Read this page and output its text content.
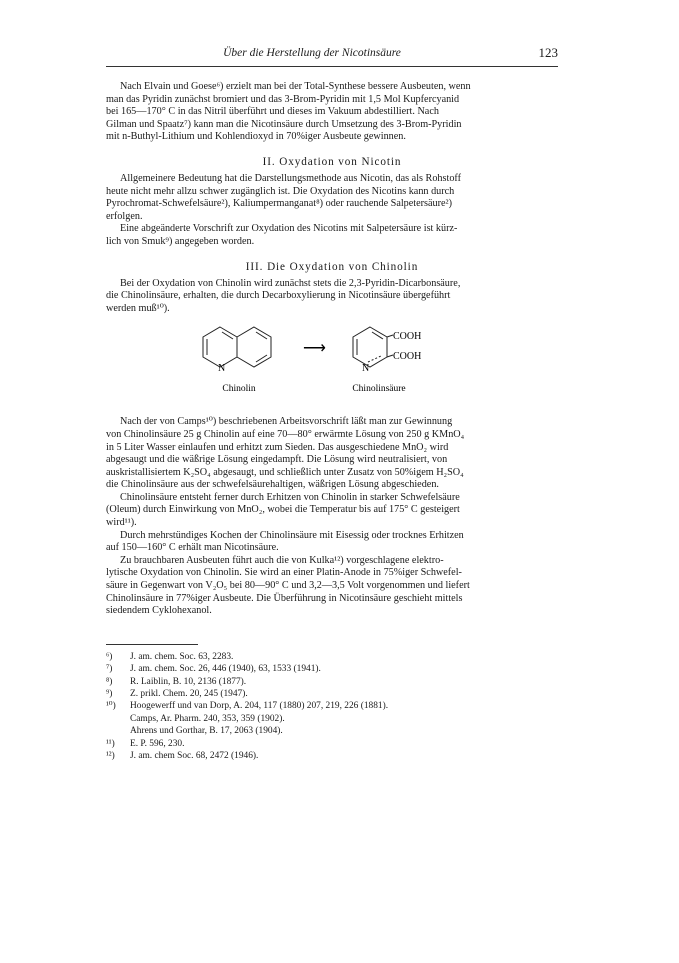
Über die Herstellung der Nicotinsäure	123

Nach Elvain und Goese⁶) erzielt man bei der Total-Synthese bessere Ausbeuten, wenn

man das Pyridin zunächst bromiert und das 3-Brom-Pyridin mit 1,5 Mol Kupfercyanid

bei 165—170° C in das Nitril überführt und dieses im Vakuum abdestilliert. Nach

Gilman und Spaatz⁷) kann man die Nicotinsäure durch Umsetzung des 3-Brom-Pyridin

mit n-Buthyl-Lithium und Kohlendioxyd in 70%iger Ausbeute gewinnen.

II. Oxydation von Nicotin

Allgemeinere Bedeutung hat die Darstellungsmethode aus Nicotin, das als Rohstoff

heute nicht mehr allzu schwer zugänglich ist. Die Oxydation des Nicotins kann durch

Pyrochromat-Schwefelsäure²), Kaliumpermanganat⁸) oder rauchende Salpetersäure²)

erfolgen.

Eine abgeänderte Vorschrift zur Oxydation des Nicotins mit Salpetersäure ist kürz-

lich von Smuk⁹) angegeben worden.

III. Die Oxydation von Chinolin

Bei der Oxydation von Chinolin wird zunächst stets die 2,3-Pyridin-Dicarbonsäure,

die Chinolinsäure, erhalten, die durch Decarboxylierung in Nicotinsäure übergeführt

werden muß¹⁰).

N
⟶
COOH
COOH
N
Chinolin	Chinolinsäure

Nach der von Camps¹⁰) beschriebenen Arbeitsvorschrift läßt man zur Gewinnung

von Chinolinsäure 25 g Chinolin auf eine 70—80° erwärmte Lösung von 250 g KMnO₄

in 5 Liter Wasser einlaufen und erhitzt zum Sieden. Das ausgeschiedene MnO₂ wird

abgesaugt und die wäßrige Lösung eingedampft. Die Lösung wird neutralisiert, von

auskristallisiertem K₂SO₄ abgesaugt, und schließlich unter Zusatz von 50%igem H₂SO₄

die Chinolinsäure aus der schwefelsäurehaltigen, wäßrigen Lösung abgeschieden.

Chinolinsäure entsteht ferner durch Erhitzen von Chinolin in starker Schwefelsäure

(Oleum) durch Einwirkung von MnO₂, wobei die Temperatur bis auf 175° C gesteigert

wird¹¹).

Durch mehrstündiges Kochen der Chinolinsäure mit Eisessig oder trocknes Erhitzen

auf 150—160° C erhält man Nicotinsäure.

Zu brauchbaren Ausbeuten führt auch die von Kulka¹²) vorgeschlagene elektro-

lytische Oxydation von Chinolin. Sie wird an einer Platin-Anode in 75%iger Schwefel-

säure in Gegenwart von V₂O₅ bei 80—90° C und 3,2—3,5 Volt vorgenommen und liefert

Chinolinsäure in 77%iger Ausbeute. Die Überführung in Nicotinsäure geschieht mittels

siedendem Cyklohexanol.

⁶) J. am. chem. Soc. 63, 2283.

⁷) J. am. chem. Soc. 26, 446 (1940), 63, 1533 (1941).

⁸) R. Laiblin, B. 10, 2136 (1877).

⁹) Z. prikl. Chem. 20, 245 (1947).

¹⁰) Hoogewerff und van Dorp, A. 204, 117 (1880) 207, 219, 226 (1881).

Camps, Ar. Pharm. 240, 353, 359 (1902).

Ahrens und Gorthar, B. 17, 2063 (1904).

¹¹) E. P. 596, 230.

¹²) J. am. chem Soc. 68, 2472 (1946).
